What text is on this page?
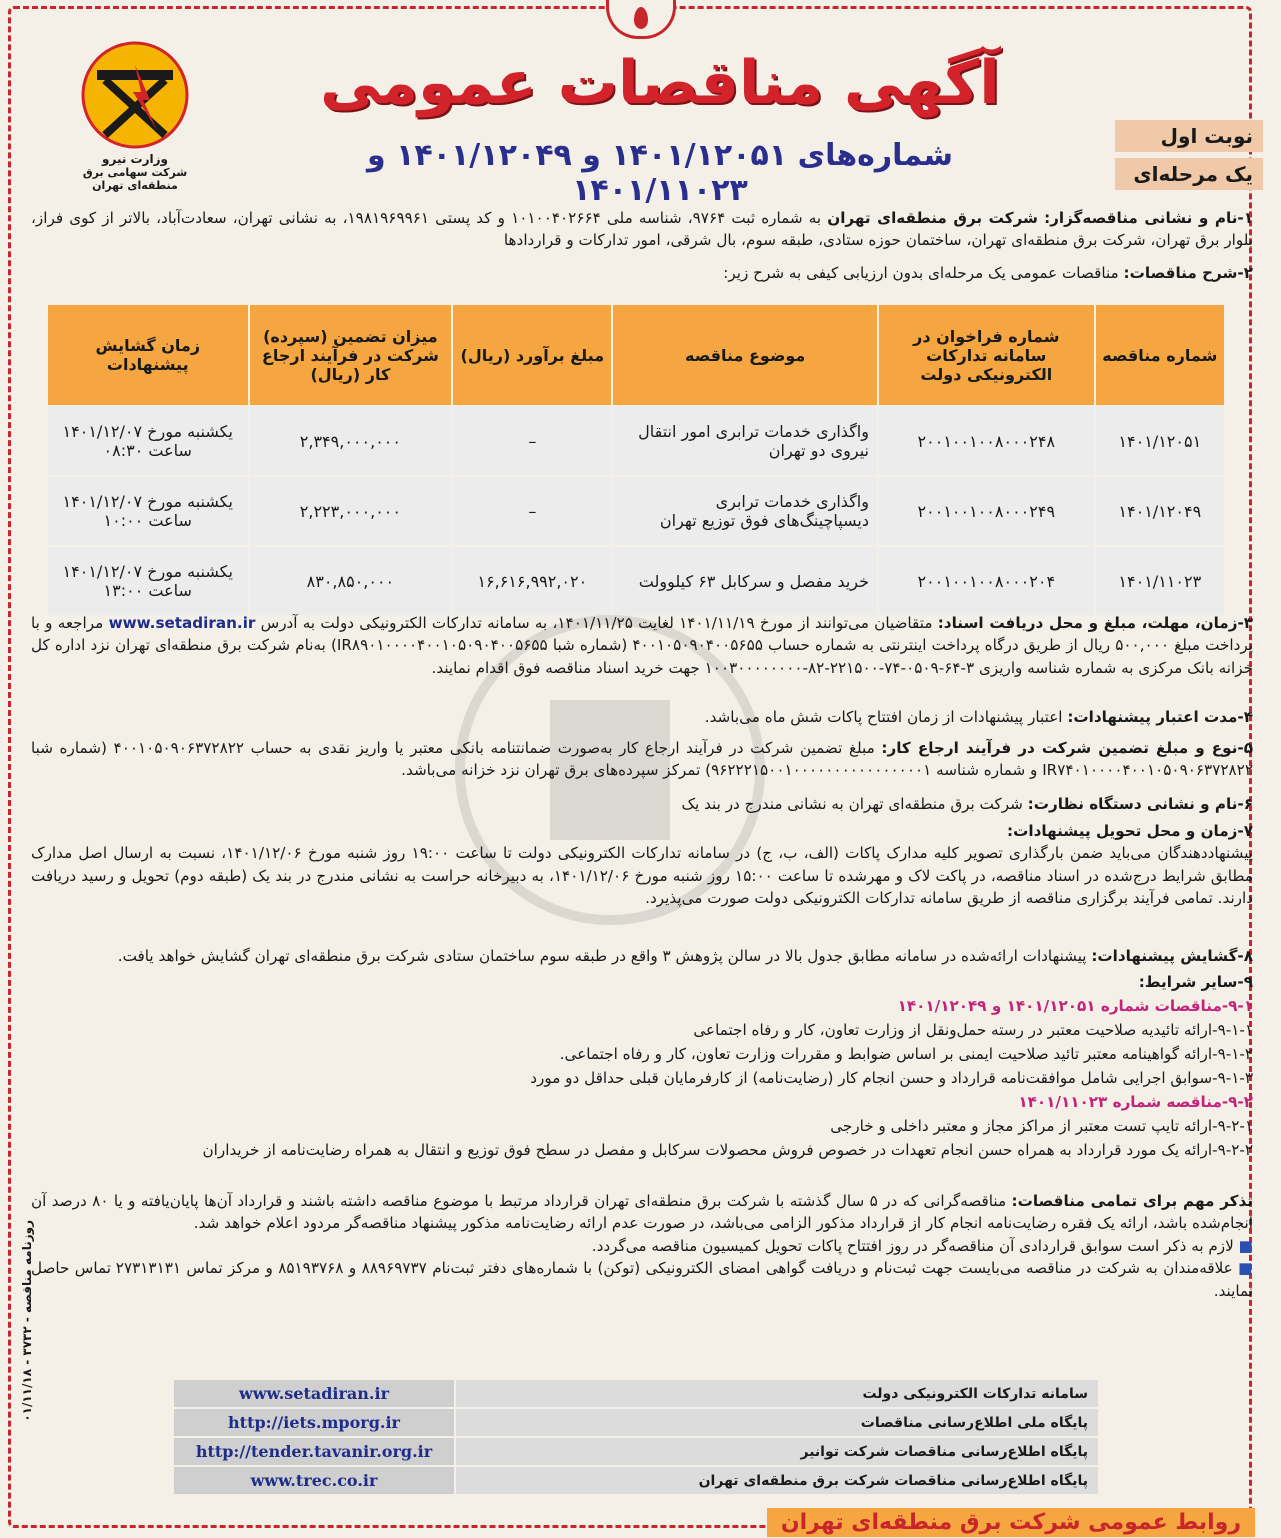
وزارت نیرو
شرکت سهامی برق منطقه‌ای تهران
آگهی مناقصات عمومی
شماره‌های ۱۴۰۱/۱۲۰۵۱ و ۱۴۰۱/۱۲۰۴۹ و ۱۴۰۱/۱۱۰۲۳
نوبت اول
یک مرحله‌ای
۱-نام و نشانی مناقصه‌گزار: شرکت برق منطقه‌ای تهران به شماره ثبت ۹۷۶۴، شناسه ملی ۱۰۱۰۰۴۰۲۶۶۴ و کد پستی ۱۹۸۱۹۶۹۹۶۱، به نشانی تهران، سعادت‌آباد، بالاتر از کوی فراز، بلوار برق تهران، شرکت برق منطقه‌ای تهران، ساختمان حوزه ستادی، طبقه سوم، بال شرقی، امور تدارکات و قراردادها
۲-شرح مناقصات: مناقصات عمومی یک مرحله‌ای بدون ارزیابی کیفی به شرح زیر:
شماره مناقصه	شماره فراخوان در سامانه تدارکات الکترونیکی دولت	موضوع مناقصه	مبلغ برآورد (ریال)	میزان تضمین (سپرده) شرکت در فرآیند ارجاع کار (ریال)	زمان گشایش پیشنهادات
۱۴۰۱/۱۲۰۵۱	۲۰۰۱۰۰۱۰۰۸۰۰۰۲۴۸	واگذاری خدمات ترابری امور انتقال نیروی دو تهران	–	۲,۳۴۹,۰۰۰,۰۰۰	یکشنبه مورخ ۱۴۰۱/۱۲/۰۷ ساعت ۰۸:۳۰
۱۴۰۱/۱۲۰۴۹	۲۰۰۱۰۰۱۰۰۸۰۰۰۲۴۹	واگذاری خدمات ترابری دیسپاچینگ‌های فوق توزیع تهران	–	۲,۲۲۳,۰۰۰,۰۰۰	یکشنبه مورخ ۱۴۰۱/۱۲/۰۷ ساعت ۱۰:۰۰
۱۴۰۱/۱۱۰۲۳	۲۰۰۱۰۰۱۰۰۸۰۰۰۲۰۴	خرید مفصل و سرکابل ۶۳ کیلوولت	۱۶,۶۱۶,۹۹۲,۰۲۰	۸۳۰,۸۵۰,۰۰۰	یکشنبه مورخ ۱۴۰۱/۱۲/۰۷ ساعت ۱۳:۰۰
۳-زمان، مهلت، مبلغ و محل دریافت اسناد: متقاضیان می‌توانند از مورخ ۱۴۰۱/۱۱/۱۹ لغایت ۱۴۰۱/۱۱/۲۵، به سامانه تدارکات الکترونیکی دولت به آدرس www.setadiran.ir مراجعه و با پرداخت مبلغ ۵۰۰,۰۰۰ ریال از طریق درگاه پرداخت اینترنتی به شماره حساب ۴۰۰۱۰۵۰۹۰۴۰۰۵۶۵۵ (شماره شبا IR۸۹۰۱۰۰۰۰۴۰۰۱۰۵۰۹۰۴۰۰۵۶۵۵) به‌نام شرکت برق منطقه‌ای تهران نزد اداره کل خزانه بانک مرکزی به شماره شناسه واریزی ۳-۶۴-۰۵۰۹-۷۴-۲۲۱۵۰۰-۸۲-۱۰۰۳۰۰۰۰۰۰۰۰ جهت خرید اسناد مناقصه فوق اقدام نمایند.
۴-مدت اعتبار پیشنهادات: اعتبار پیشنهادات از زمان افتتاح پاکات شش ماه می‌باشد.
۵-نوع و مبلغ تضمین شرکت در فرآیند ارجاع کار: مبلغ تضمین شرکت در فرآیند ارجاع کار به‌صورت ضمانتنامه بانکی معتبر یا واریز نقدی به حساب ۴۰۰۱۰۵۰۹۰۶۳۷۲۸۲۲ (شماره شبا IR۷۴۰۱۰۰۰۰۴۰۰۱۰۵۰۹۰۶۳۷۲۸۲۲ و شماره شناسه ۹۶۲۲۲۱۵۰۰۱۰۰۰۰۰۰۰۰۰۰۰۰۰۰۰۰۱) تمرکز سپرده‌های برق تهران نزد خزانه می‌باشد.
۶-نام و نشانی دستگاه نظارت: شرکت برق منطقه‌ای تهران به نشانی مندرج در بند یک
۷-زمان و محل تحویل پیشنهادات:
پیشنهاددهندگان می‌باید ضمن بارگذاری تصویر کلیه مدارک پاکات (الف، ب، ج) در سامانه تدارکات الکترونیکی دولت تا ساعت ۱۹:۰۰ روز شنبه مورخ ۱۴۰۱/۱۲/۰۶، نسبت به ارسال اصل مدارک مطابق شرایط درج‌شده در اسناد مناقصه، در پاکت لاک و مهرشده تا ساعت ۱۵:۰۰ روز شنبه مورخ ۱۴۰۱/۱۲/۰۶، به دبیرخانه حراست به نشانی مندرج در بند یک (طبقه دوم) تحویل و رسید دریافت دارند. تمامی فرآیند برگزاری مناقصه از طریق سامانه تدارکات الکترونیکی دولت صورت می‌پذیرد.
۸-گشایش پیشنهادات: پیشنهادات ارائه‌شده در سامانه مطابق جدول بالا در سالن پژوهش ۳ واقع در طبقه سوم ساختمان ستادی شرکت برق منطقه‌ای تهران گشایش خواهد یافت.
۹-سایر شرایط:
۹-۱-مناقصات شماره ۱۴۰۱/۱۲۰۵۱ و ۱۴۰۱/۱۲۰۴۹
۹-۱-۱-ارائه تائیدیه صلاحیت معتبر در رسته حمل‌ونقل از وزارت تعاون، کار و رفاه اجتماعی
۹-۱-۲-ارائه گواهینامه معتبر تائید صلاحیت ایمنی بر اساس ضوابط و مقررات وزارت تعاون، کار و رفاه اجتماعی.
۹-۱-۳-سوابق اجرایی شامل موافقت‌نامه قرارداد و حسن انجام کار (رضایت‌نامه) از کارفرمایان قبلی حداقل دو مورد
۹-۲-مناقصه شماره ۱۴۰۱/۱۱۰۲۳
۹-۲-۱-ارائه تایپ تست معتبر از مراکز مجاز و معتبر داخلی و خارجی
۹-۲-۲-ارائه یک مورد قرارداد به همراه حسن انجام تعهدات در خصوص فروش محصولات سرکابل و مفصل در سطح فوق توزیع و انتقال به همراه رضایت‌نامه از خریداران
تذکر مهم برای تمامی مناقصات: مناقصه‌گرانی که در ۵ سال گذشته با شرکت برق منطقه‌ای تهران قرارداد مرتبط با موضوع مناقصه داشته باشند و قرارداد آن‌ها پایان‌یافته و یا ۸۰ درصد آن انجام‌شده باشد، ارائه یک فقره رضایت‌نامه انجام کار از قرارداد مذکور الزامی می‌باشد، در صورت عدم ارائه رضایت‌نامه مذکور پیشنهاد مناقصه‌گر مردود اعلام خواهد شد.
■ لازم به ذکر است سوابق قراردادی آن مناقصه‌گر در روز افتتاح پاکات تحویل کمیسیون مناقصه می‌گردد.
■ علاقه‌مندان به شرکت در مناقصه می‌بایست جهت ثبت‌نام و دریافت گواهی امضای الکترونیکی (توکن) با شماره‌های دفتر ثبت‌نام ۸۸۹۶۹۷۳۷ و ۸۵۱۹۳۷۶۸ و مرکز تماس ۲۷۳۱۳۱۳۱ تماس حاصل نمایند.
سامانه تدارکات الکترونیکی دولت	www.setadiran.ir
پایگاه ملی اطلاع‌رسانی مناقصات	http://iets.mporg.ir
پایگاه اطلاع‌رسانی مناقصات شرکت توانیر	http://tender.tavanir.org.ir
پایگاه اطلاع‌رسانی مناقصات شرکت برق منطقه‌ای تهران	www.trec.co.ir
روابط عمومی شرکت برق منطقه‌ای تهران
روزنامه مناقصه - ۳۷۳۲ - ۰۱/۱۱/۱۸
